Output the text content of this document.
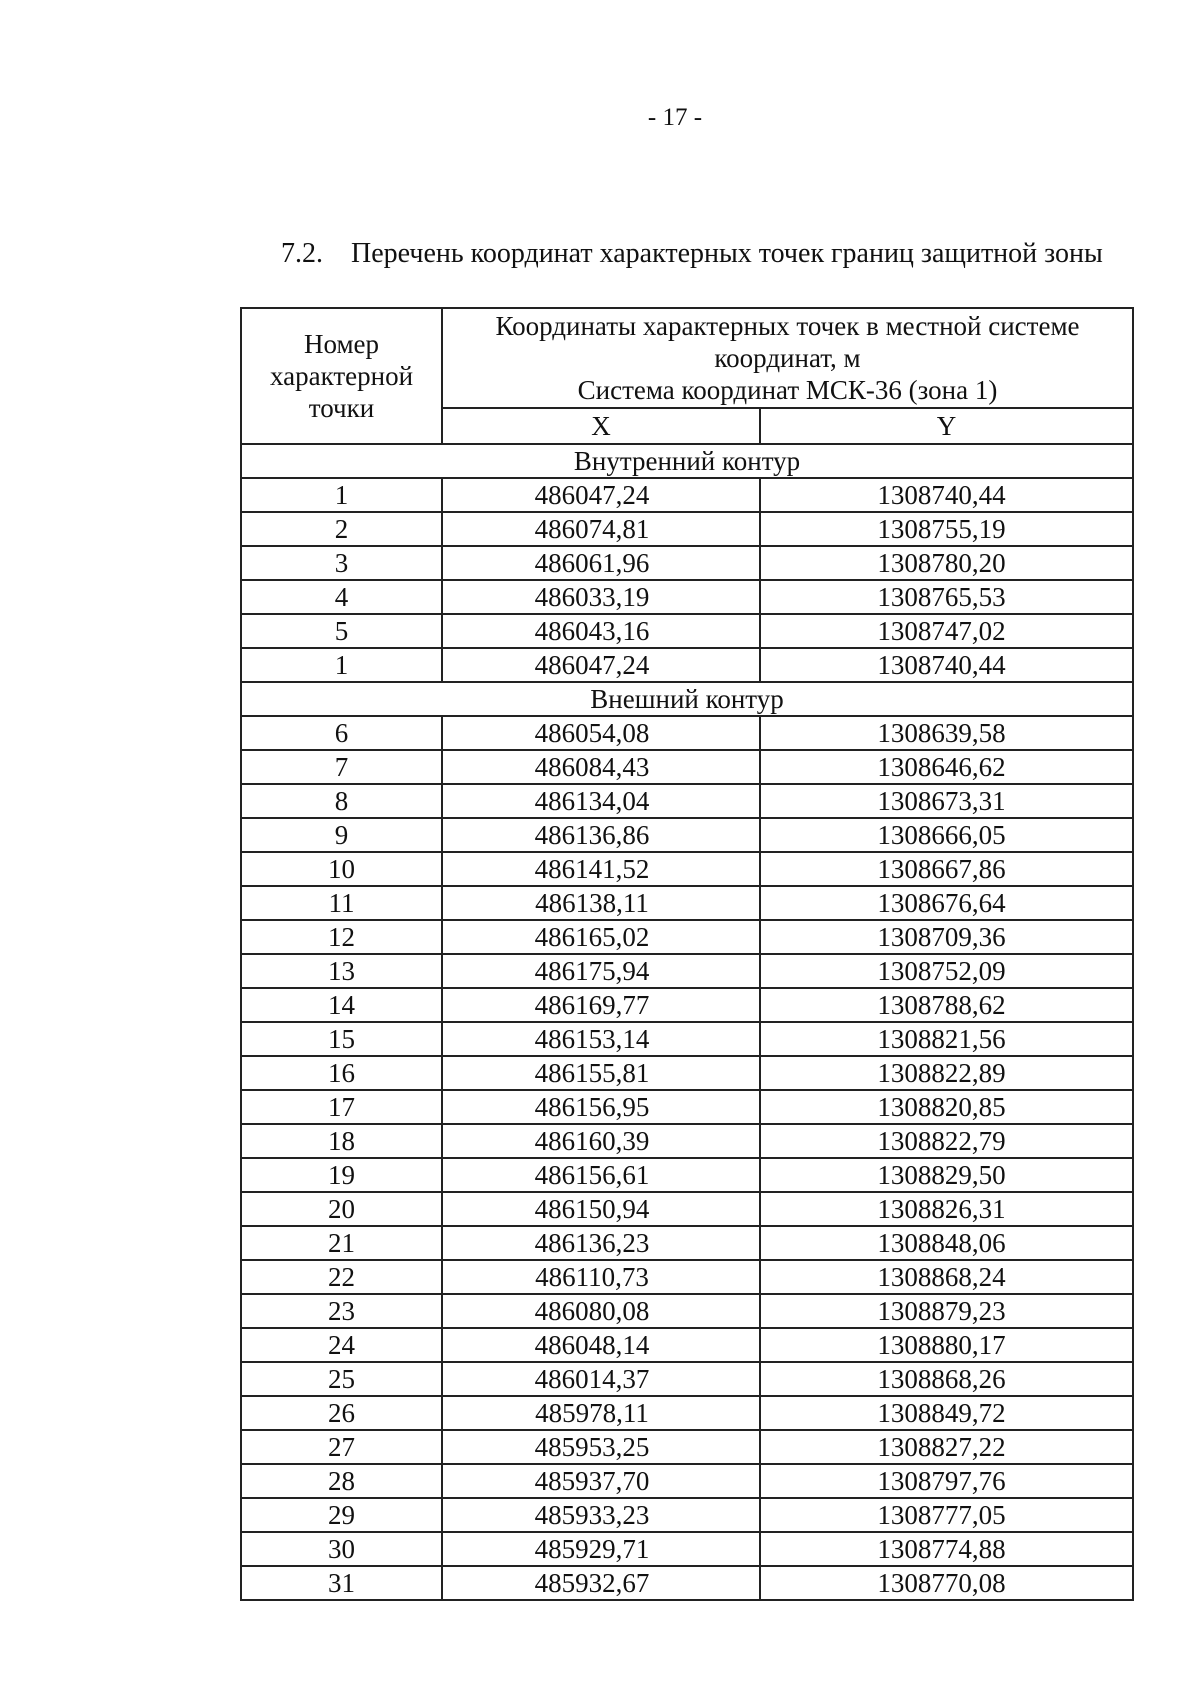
- 17 -
7.2. Перечень координат характерных точек границ защитной зоны
Номер
характерной
точки	Координаты характерных точек в местной системе
координат, м
Система координат МСК-36 (зона 1)	
	X	Y
Внутренний контур		
1	486047,24	1308740,44
2	486074,81	1308755,19
3	486061,96	1308780,20
4	486033,19	1308765,53
5	486043,16	1308747,02
1	486047,24	1308740,44
Внешний контур		
6	486054,08	1308639,58
7	486084,43	1308646,62
8	486134,04	1308673,31
9	486136,86	1308666,05
10	486141,52	1308667,86
11	486138,11	1308676,64
12	486165,02	1308709,36
13	486175,94	1308752,09
14	486169,77	1308788,62
15	486153,14	1308821,56
16	486155,81	1308822,89
17	486156,95	1308820,85
18	486160,39	1308822,79
19	486156,61	1308829,50
20	486150,94	1308826,31
21	486136,23	1308848,06
22	486110,73	1308868,24
23	486080,08	1308879,23
24	486048,14	1308880,17
25	486014,37	1308868,26
26	485978,11	1308849,72
27	485953,25	1308827,22
28	485937,70	1308797,76
29	485933,23	1308777,05
30	485929,71	1308774,88
31	485932,67	1308770,08
